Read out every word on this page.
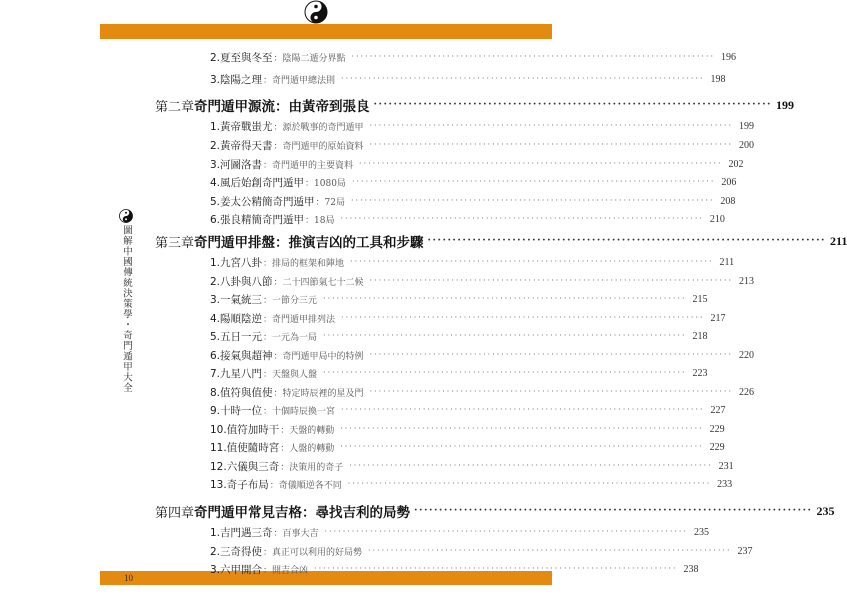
圖解中國傳統決策學・奇門遁甲大全
10
2.夏至與冬至 ：陰陽二遁分界點 ················································································ 196
3.陰陽之理 ：奇門遁甲總法則 ················································································ 198
第二章 奇門遁甲源流：由黃帝到張良 ················································································ 199
1.黃帝戰蚩尤 ：源於戰事的奇門遁甲 ················································································ 199
2.黃帝得天書 ：奇門遁甲的原始資料 ················································································ 200
3.河圖洛書 ：奇門遁甲的主要資料 ················································································ 202
4.風后始創奇門遁甲 ：1080局 ················································································ 206
5.姜太公精簡奇門遁甲 ：72局 ················································································ 208
6.張良精簡奇門遁甲 ：18局 ················································································ 210
第三章 奇門遁甲排盤：推演吉凶的工具和步驟 ················································································ 211
1.九宮八卦 ：排局的框架和陣地 ················································································ 211
2.八卦與八節 ：二十四節氣七十二候 ················································································ 213
3.一氣統三 ：一節分三元 ················································································ 215
4.陽順陰逆 ：奇門遁甲排列法 ················································································ 217
5.五日一元 ：一元為一局 ················································································ 218
6.接氣與超神 ：奇門遁甲局中的特例 ················································································ 220
7.九星八門 ：天盤與人盤 ················································································ 223
8.值符與值使 ：特定時辰裡的星及門 ················································································ 226
9.十時一位 ：十個時辰換一宮 ················································································ 227
10.值符加時干 ：天盤的轉動 ················································································ 229
11.值使隨時宮 ：人盤的轉動 ················································································ 229
12.六儀與三奇 ：決策用的奇子 ················································································ 231
13.奇子布局 ：奇儀順逆各不同 ················································································ 233
第四章 奇門遁甲常見吉格：尋找吉利的局勢 ················································································ 235
1.吉門遇三奇 ：百事大吉 ················································································ 235
2.三奇得使 ：真正可以利用的好局勢 ················································································ 237
3.六甲開合 ：開吉合凶 ················································································ 238
